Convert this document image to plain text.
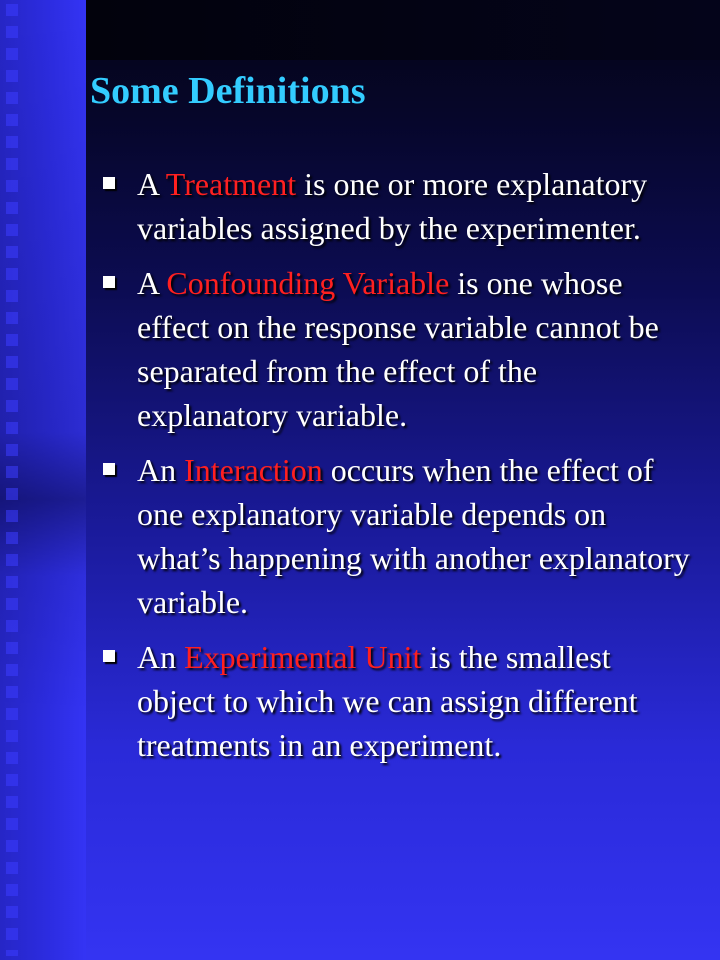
Some Definitions
A Treatment is one or more explanatory variables assigned by the experimenter.
A Confounding Variable is one whose effect on the response variable cannot be separated from the effect of the explanatory variable.
An Interaction occurs when the effect of one explanatory variable depends on what’s happening with another explanatory variable.
An Experimental Unit is the smallest object to which we can assign different treatments in an experiment.
